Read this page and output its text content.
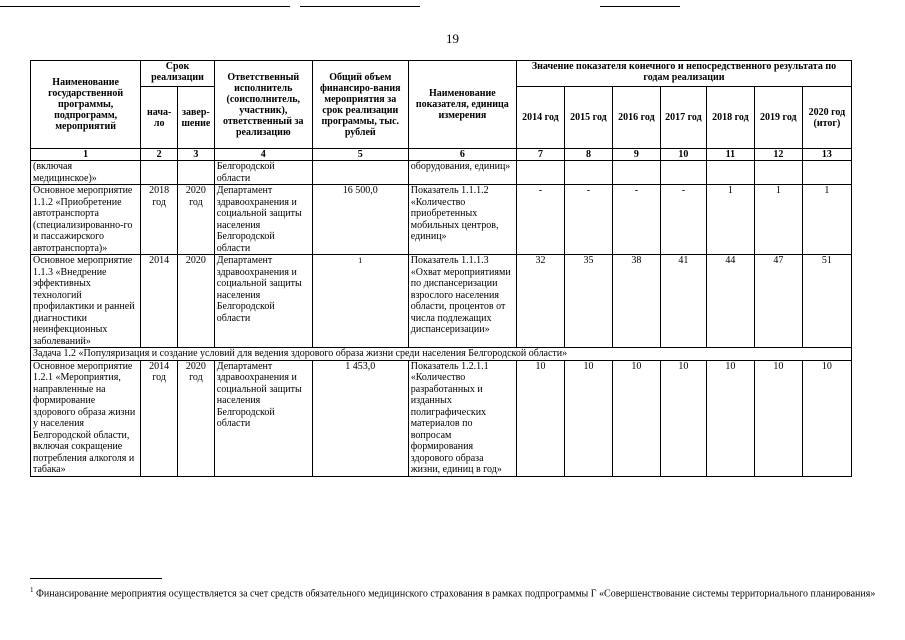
19
Наименование государственной программы, подпрограмм, мероприятий	Срок реализации		Ответственный исполнитель (соисполнитель, участник), ответственный за реализацию	Общий объем финансиро-вания мероприятия за срок реализации программы, тыс. рублей	Наименование показателя, единица измерения	Значение показателя конечного и непосредственного результата по годам реализации						
	нача-ло	завер-шение				2014 год	2015 год	2016 год	2017 год	2018 год	2019 год	2020 год (итог)
1	2	3	4	5	6	7	8	9	10	11	12	13
(включая медицинское)»			Белгородской области		оборудования, единиц»							
Основное мероприятие 1.1.2 «Приобретение автотранспорта (специализированно-го и пассажирского автотранспорта)»	2018 год	2020 год	Департамент здравоохранения и социальной защиты населения Белгородской области	16 500,0	Показатель 1.1.1.2 «Количество приобретенных мобильных центров, единиц»	-	-	-	-	1	1	1
Основное мероприятие 1.1.3 «Внедрение эффективных технологий профилактики и ранней диагностики неинфекционных заболеваний»	2014	2020	Департамент здравоохранения и социальной защиты населения Белгородской области	$^1$	Показатель 1.1.1.3 «Охват мероприятиями по диспансеризации взрослого населения области, процентов от числа подлежащих диспансеризации»	32	35	38	41	44	47	51
Задача 1.2 «Популяризация и создание условий для ведения здорового образа жизни среди населения Белгородской области»												
Основное мероприятие 1.2.1 «Мероприятия, направленные на формирование здорового образа жизни у населения Белгородской области, включая сокращение потребления алкоголя и табака»	2014 год	2020 год	Департамент здравоохранения и социальной защиты населения Белгородской области	1 453,0	Показатель 1.2.1.1 «Количество разработанных и изданных полиграфических материалов по вопросам формирования здорового образа жизни, единиц в год»	10	10	10	10	10	10	10
$^1$ Финансирование мероприятия осуществляется за счет средств обязательного медицинского страхования в рамках подпрограммы Г «Совершенствование системы территориального планирования»
